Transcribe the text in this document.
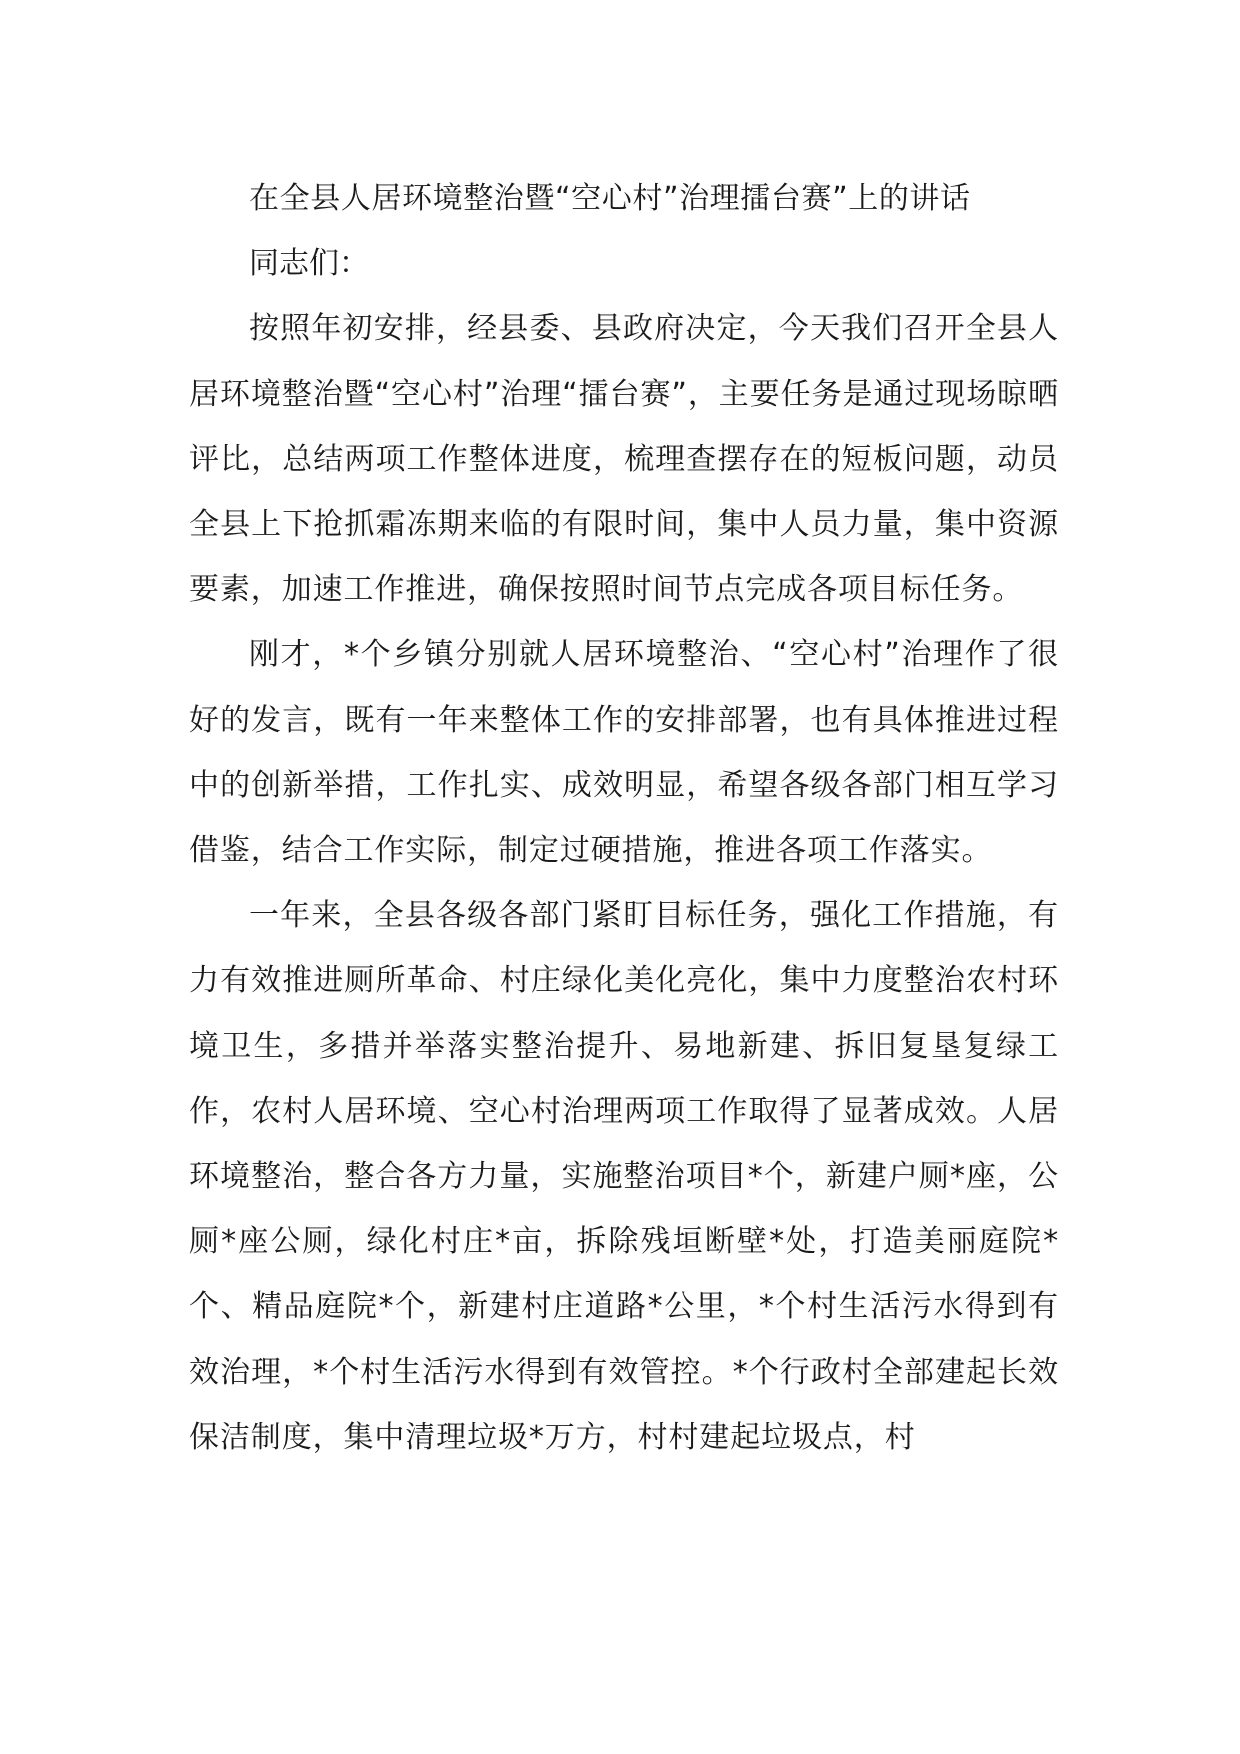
在全县人居环境整治暨“空心村”治理擂台赛”上的讲话

同志们：

按照年初安排，经县委、县政府决定，今天我们召开全县人居环境整治暨“空心村”治理“擂台赛”，主要任务是通过现场晾晒评比，总结两项工作整体进度，梳理查摆存在的短板问题，动员全县上下抢抓霜冻期来临的有限时间，集中人员力量，集中资源要素，加速工作推进，确保按照时间节点完成各项目标任务。

刚才，*个乡镇分别就人居环境整治、“空心村”治理作了很好的发言，既有一年来整体工作的安排部署，也有具体推进过程中的创新举措，工作扎实、成效明显，希望各级各部门相互学习借鉴，结合工作实际，制定过硬措施，推进各项工作落实。

一年来，全县各级各部门紧盯目标任务，强化工作措施，有力有效推进厕所革命、村庄绿化美化亮化，集中力度整治农村环境卫生，多措并举落实整治提升、易地新建、拆旧复垦复绿工作，农村人居环境、空心村治理两项工作取得了显著成效。人居环境整治，整合各方力量，实施整治项目*个，新建户厕*座，公厕*座公厕，绿化村庄*亩，拆除残垣断壁*处，打造美丽庭院*个、精品庭院*个，新建村庄道路*公里，*个村生活污水得到有效治理，*个村生活污水得到有效管控。*个行政村全部建起长效保洁制度，集中清理垃圾*万方，村村建起垃圾点，村
